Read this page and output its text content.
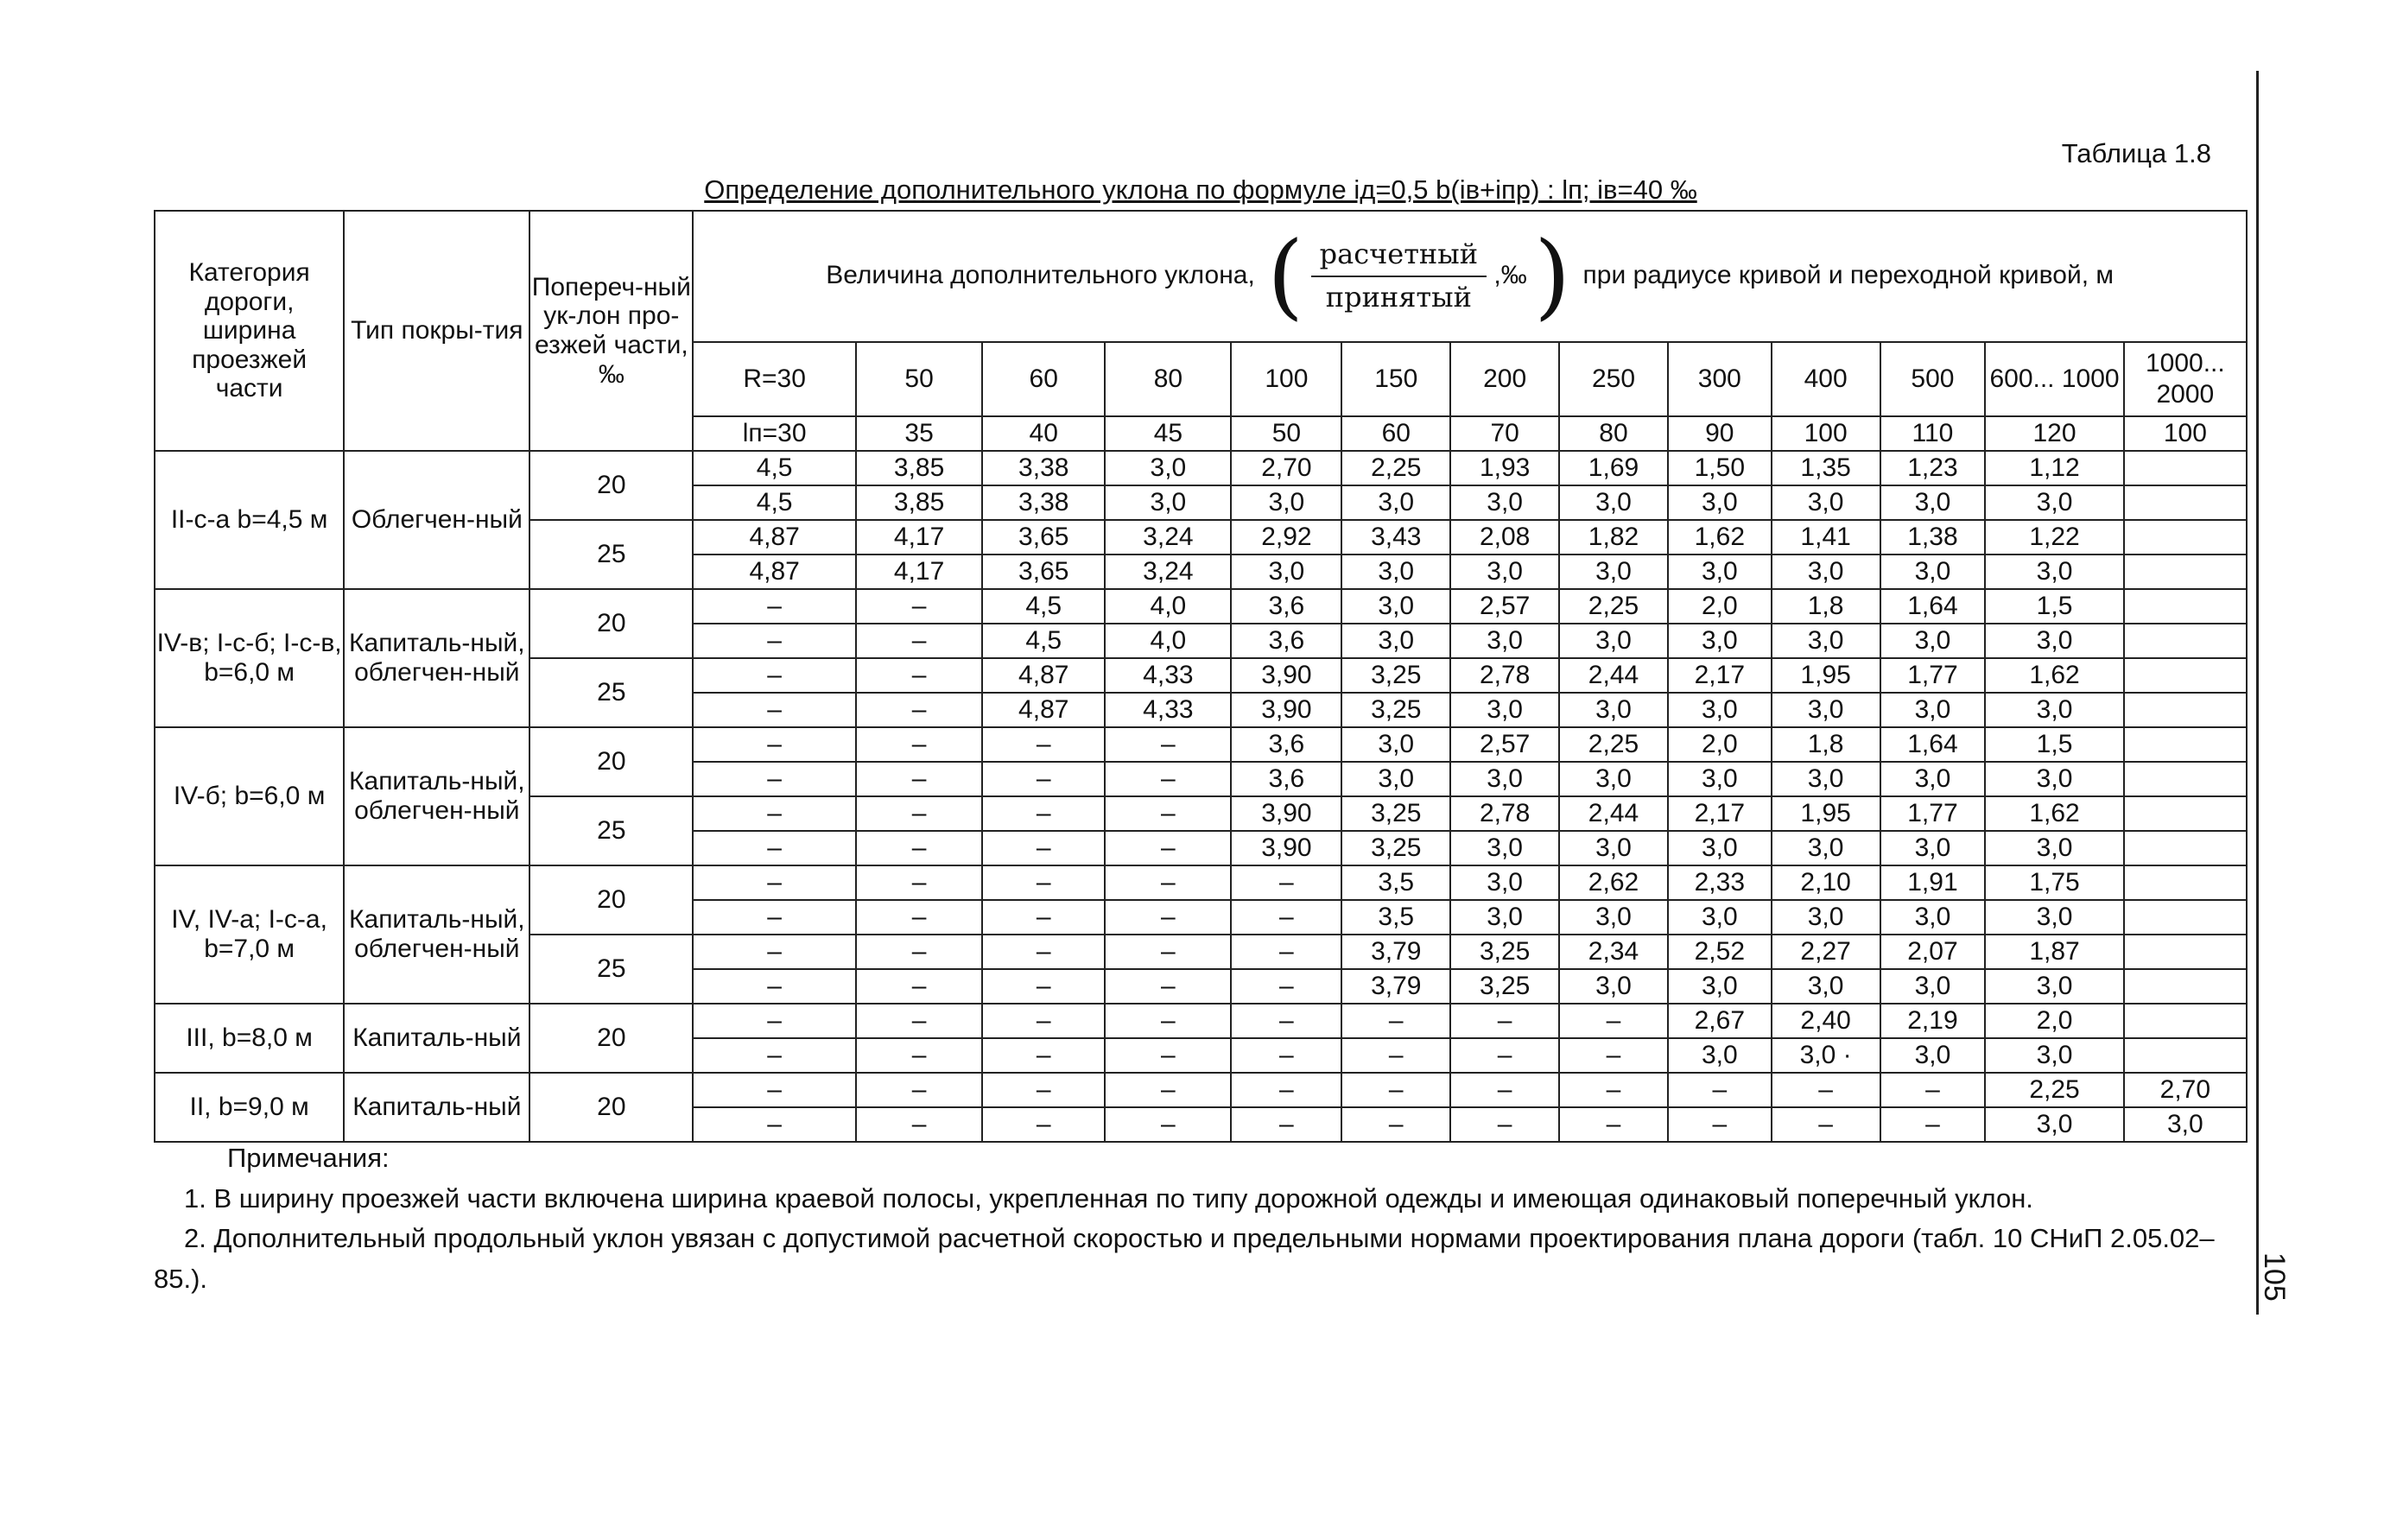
Таблица 1.8
Определение дополнительного уклона по формуле iд=0,5 b(iв+iпр) : lп; iв=40 ‰
Категория дороги, ширина проезжей части	Тип покры-тия	Попереч-ный ук-лон про-езжей части,‰	Величина дополнительного уклона, ( $\frac{\text{расчетный}}{\text{принятый}}$ ,‰ ) при радиусе кривой и переходной кривой, м												
			R=30	50	60	80	100	150	200	250	300	400	500	600... 1000	1000... 2000
			lп=30	35	40	45	50	60	70	80	90	100	110	120	100
II-с-а b=4,5 м	Облегчен-ный	20	4,5	3,85	3,38	3,0	2,70	2,25	1,93	1,69	1,50	1,35	1,23	1,12	
			4,5	3,85	3,38	3,0	3,0	3,0	3,0	3,0	3,0	3,0	3,0	3,0	
		25	4,87	4,17	3,65	3,24	2,92	3,43	2,08	1,82	1,62	1,41	1,38	1,22	
			4,87	4,17	3,65	3,24	3,0	3,0	3,0	3,0	3,0	3,0	3,0	3,0	
IV-в; I-с-б; I-с-в, b=6,0 м	Капиталь-ный, облегчен-ный	20	–	–	4,5	4,0	3,6	3,0	2,57	2,25	2,0	1,8	1,64	1,5	
			–	–	4,5	4,0	3,6	3,0	3,0	3,0	3,0	3,0	3,0	3,0	
		25	–	–	4,87	4,33	3,90	3,25	2,78	2,44	2,17	1,95	1,77	1,62	
			–	–	4,87	4,33	3,90	3,25	3,0	3,0	3,0	3,0	3,0	3,0	
IV-б; b=6,0 м	Капиталь-ный, облегчен-ный	20	–	–	–	–	3,6	3,0	2,57	2,25	2,0	1,8	1,64	1,5	
			–	–	–	–	3,6	3,0	3,0	3,0	3,0	3,0	3,0	3,0	
		25	–	–	–	–	3,90	3,25	2,78	2,44	2,17	1,95	1,77	1,62	
			–	–	–	–	3,90	3,25	3,0	3,0	3,0	3,0	3,0	3,0	
IV, IV-а; I-с-а, b=7,0 м	Капиталь-ный, облегчен-ный	20	–	–	–	–	–	3,5	3,0	2,62	2,33	2,10	1,91	1,75	
			–	–	–	–	–	3,5	3,0	3,0	3,0	3,0	3,0	3,0	
		25	–	–	–	–	–	3,79	3,25	2,34	2,52	2,27	2,07	1,87	
			–	–	–	–	–	3,79	3,25	3,0	3,0	3,0	3,0	3,0	
III, b=8,0 м	Капиталь-ный	20	–	–	–	–	–	–	–	–	2,67	2,40	2,19	2,0	
			–	–	–	–	–	–	–	–	3,0	3,0 ·	3,0	3,0	
II, b=9,0 м	Капиталь-ный	20	–	–	–	–	–	–	–	–	–	–	–	2,25	2,70
			–	–	–	–	–	–	–	–	–	–	–	3,0	3,0
Примечания:
1. В ширину проезжей части включена ширина краевой полосы, укрепленная по типу дорожной одежды и имеющая одинаковый поперечный уклон.
2. Дополнительный продольный уклон увязан с допустимой расчетной скоростью и предельными нормами проектирования плана дороги (табл. 10 СНиП 2.05.02–85.).	105
